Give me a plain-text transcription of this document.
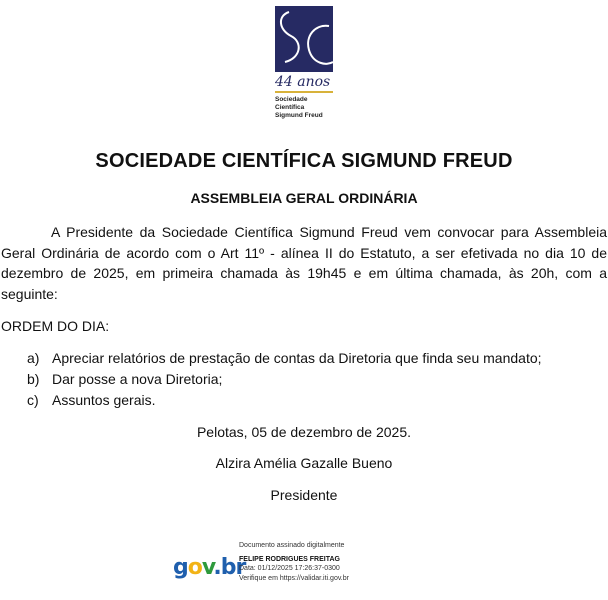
44 anos
Sociedade
Científica
Sigmund Freud
SOCIEDADE CIENTÍFICA SIGMUND FREUD
ASSEMBLEIA GERAL ORDINÁRIA
A Presidente da Sociedade Científica Sigmund Freud vem convocar para Assembleia Geral Ordinária de acordo com o Art 11º - alínea II do Estatuto, a ser efetivada no dia 10 de dezembro de 2025, em primeira chamada às 19h45 e em última chamada, às 20h, com a seguinte:
ORDEM DO DIA:
a) Apreciar relatórios de prestação de contas da Diretoria que finda seu mandato;
b) Dar posse a nova Diretoria;
c) Assuntos gerais.
Pelotas, 05 de dezembro de 2025.
Alzira Amélia Gazalle Bueno
Presidente
gov.br
Documento assinado digitalmente
FELIPE RODRIGUES FREITAG
Data: 01/12/2025 17:26:37-0300
Verifique em https://validar.iti.gov.br
